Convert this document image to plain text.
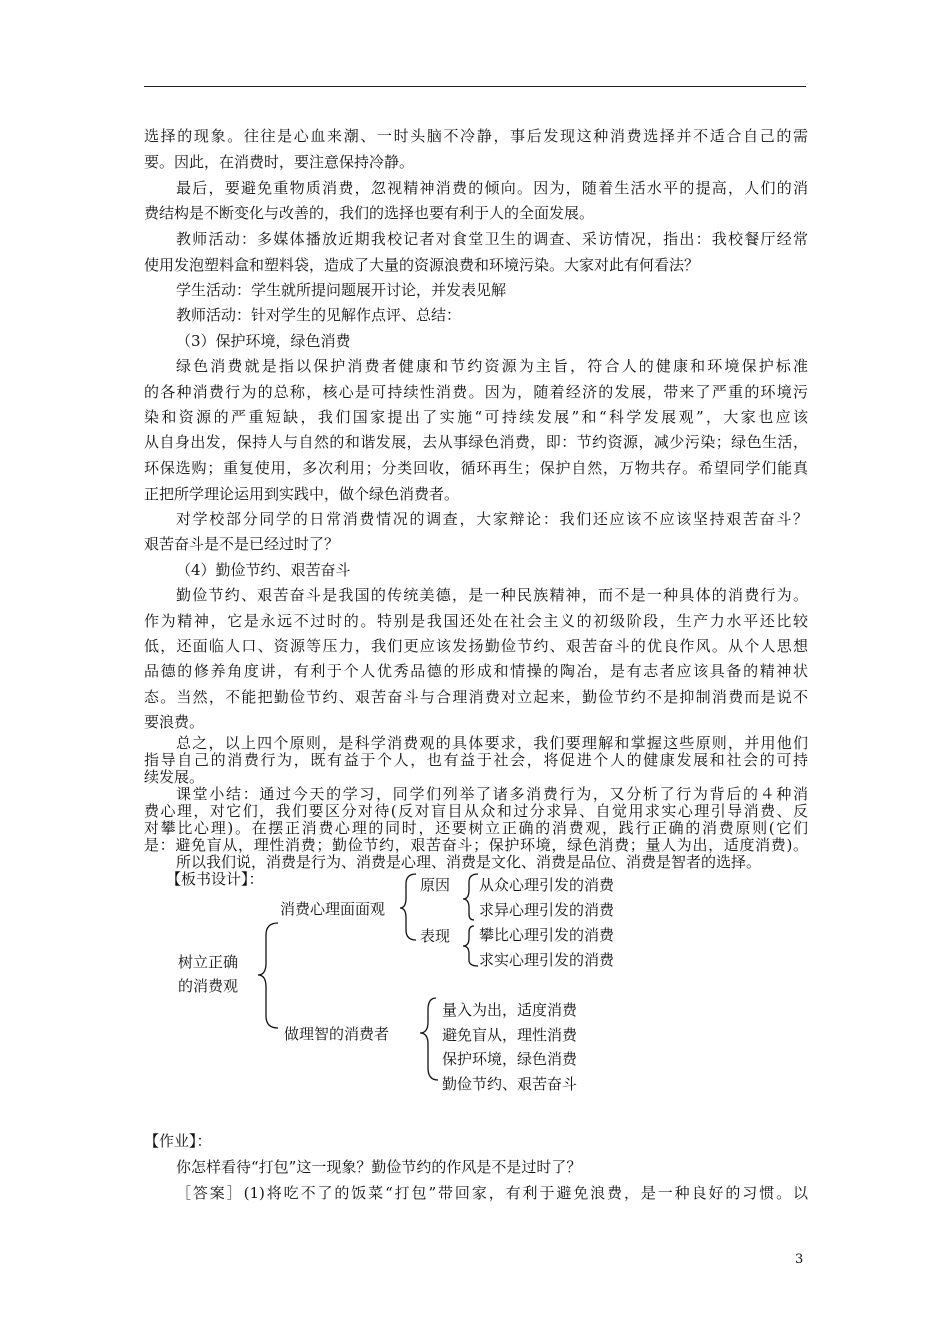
选择的现象。往往是心血来潮、一时头脑不冷静，事后发现这种消费选择并不适合自己的需
要。因此，在消费时，要注意保持冷静。
最后，要避免重物质消费，忽视精神消费的倾向。因为，随着生活水平的提高，人们的消
费结构是不断变化与改善的，我们的选择也要有利于人的全面发展。
教师活动：多媒体播放近期我校记者对食堂卫生的调查、采访情况，指出：我校餐厅经常
使用发泡塑料盒和塑料袋，造成了大量的资源浪费和环境污染。大家对此有何看法？
学生活动：学生就所提问题展开讨论，并发表见解
教师活动：针对学生的见解作点评、总结：
（3）保护环境，绿色消费
绿色消费就是指以保护消费者健康和节约资源为主旨，符合人的健康和环境保护标准
的各种消费行为的总称，核心是可持续性消费。因为，随着经济的发展，带来了严重的环境污
染和资源的严重短缺，我们国家提出了实施“可持续发展”和“科学发展观”，大家也应该
从自身出发，保持人与自然的和谐发展，去从事绿色消费，即：节约资源，减少污染；绿色生活，
环保选购；重复使用，多次利用；分类回收，循环再生；保护自然，万物共存。希望同学们能真
正把所学理论运用到实践中，做个绿色消费者。
对学校部分同学的日常消费情况的调查，大家辩论：我们还应该不应该坚持艰苦奋斗？
艰苦奋斗是不是已经过时了？
（4）勤俭节约、艰苦奋斗
勤俭节约、艰苦奋斗是我国的传统美德，是一种民族精神，而不是一种具体的消费行为。
作为精神，它是永远不过时的。特别是我国还处在社会主义的初级阶段，生产力水平还比较
低，还面临人口、资源等压力，我们更应该发扬勤俭节约、艰苦奋斗的优良作风。从个人思想
品德的修养角度讲，有利于个人优秀品德的形成和情操的陶冶，是有志者应该具备的精神状
态。当然，不能把勤俭节约、艰苦奋斗与合理消费对立起来，勤俭节约不是抑制消费而是说不
要浪费。
总之，以上四个原则，是科学消费观的具体要求，我们要理解和掌握这些原则，并用他们
指导自己的消费行为，既有益于个人，也有益于社会，将促进个人的健康发展和社会的可持
续发展。
课堂小结：通过今天的学习，同学们列举了诸多消费行为，又分析了行为背后的４种消
费心理，对它们，我们要区分对待(反对盲目从众和过分求异、自觉用求实心理引导消费、反
对攀比心理)。在摆正消费心理的同时，还要树立正确的消费观，践行正确的消费原则(它们
是：避免盲从，理性消费；勤俭节约，艰苦奋斗；保护环境，绿色消费；量人为出，适度消费)。
所以我们说，消费是行为、消费是心理、消费是文化、消费是品位、消费是智者的选择。
【板书设计】：
树立正确
的消费观
消费心理面面观
原因
表现
从众心理引发的消费
求异心理引发的消费
攀比心理引发的消费
求实心理引发的消费
做理智的消费者
量入为出，适度消费
避免盲从，理性消费
保护环境，绿色消费
勤俭节约、艰苦奋斗
【作业】：
你怎样看待“打包”这一现象？勤俭节约的作风是不是过时了？
［答案］(1)将吃不了的饭菜“打包”带回家，有利于避免浪费，是一种良好的习惯。以
3
